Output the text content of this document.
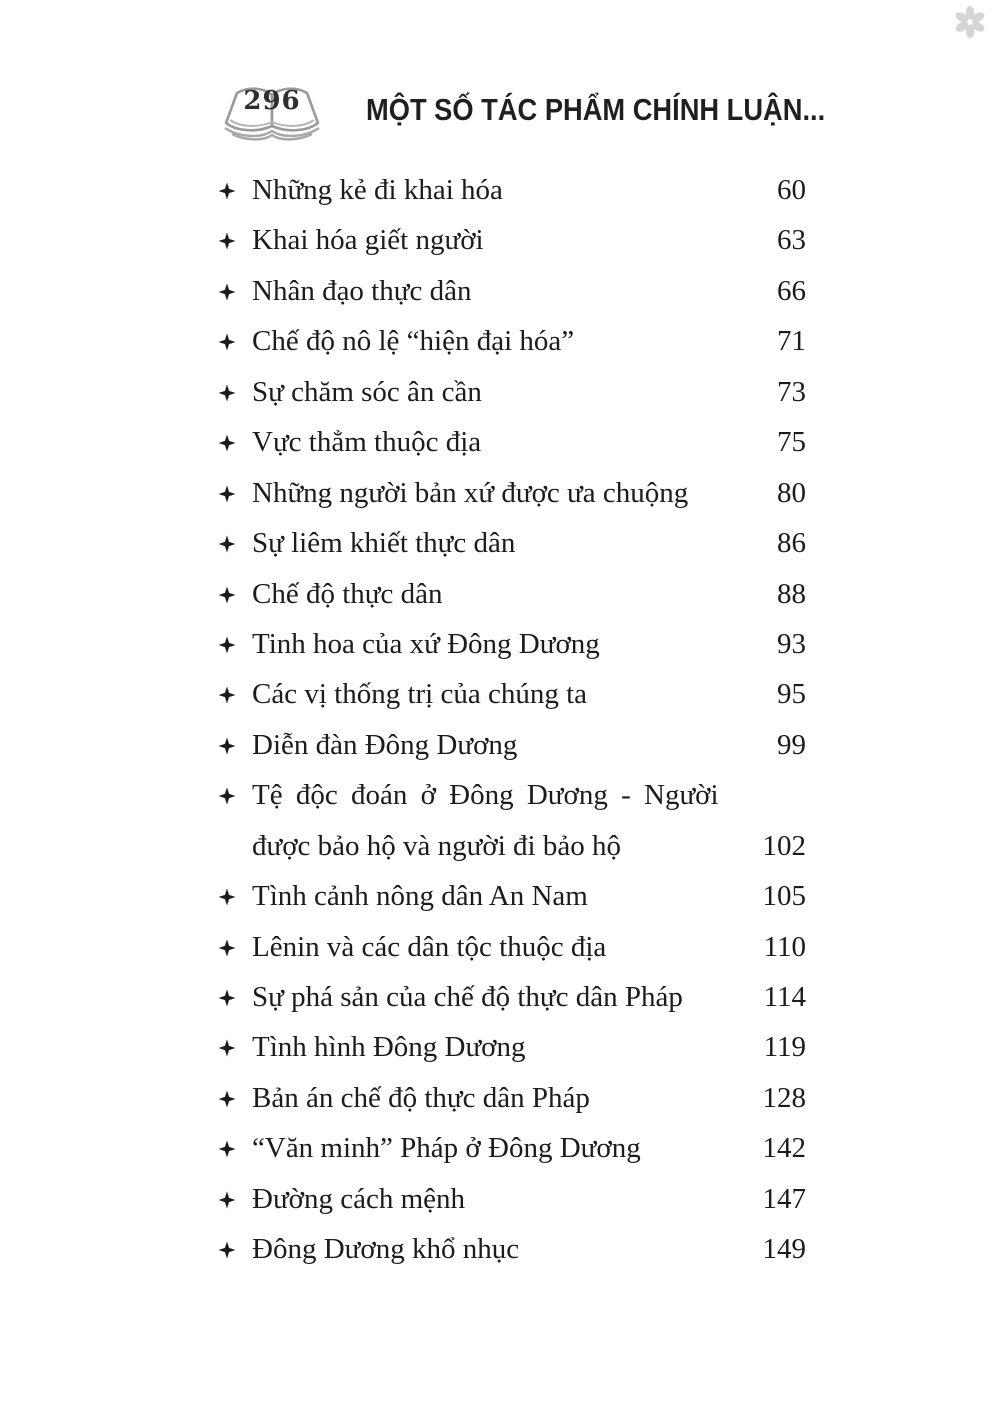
296	MỘT SỐ TÁC PHẨM CHÍNH LUẬN...
Những kẻ đi khai hóa	60
Khai hóa giết người	63
Nhân đạo thực dân	66
Chế độ nô lệ “hiện đại hóa”	71
Sự chăm sóc ân cần	73
Vực thẳm thuộc địa	75
Những người bản xứ được ưa chuộng	80
Sự liêm khiết thực dân	86
Chế độ thực dân	88
Tinh hoa của xứ Đông Dương	93
Các vị thống trị của chúng ta	95
Diễn đàn Đông Dương	99
Tệ độc đoán ở Đông Dương - Người
được bảo hộ và người đi bảo hộ	102
Tình cảnh nông dân An Nam	105
Lênin và các dân tộc thuộc địa	110
Sự phá sản của chế độ thực dân Pháp	114
Tình hình Đông Dương	119
Bản án chế độ thực dân Pháp	128
“Văn minh” Pháp ở Đông Dương	142
Đường cách mệnh	147
Đông Dương khổ nhục	149
